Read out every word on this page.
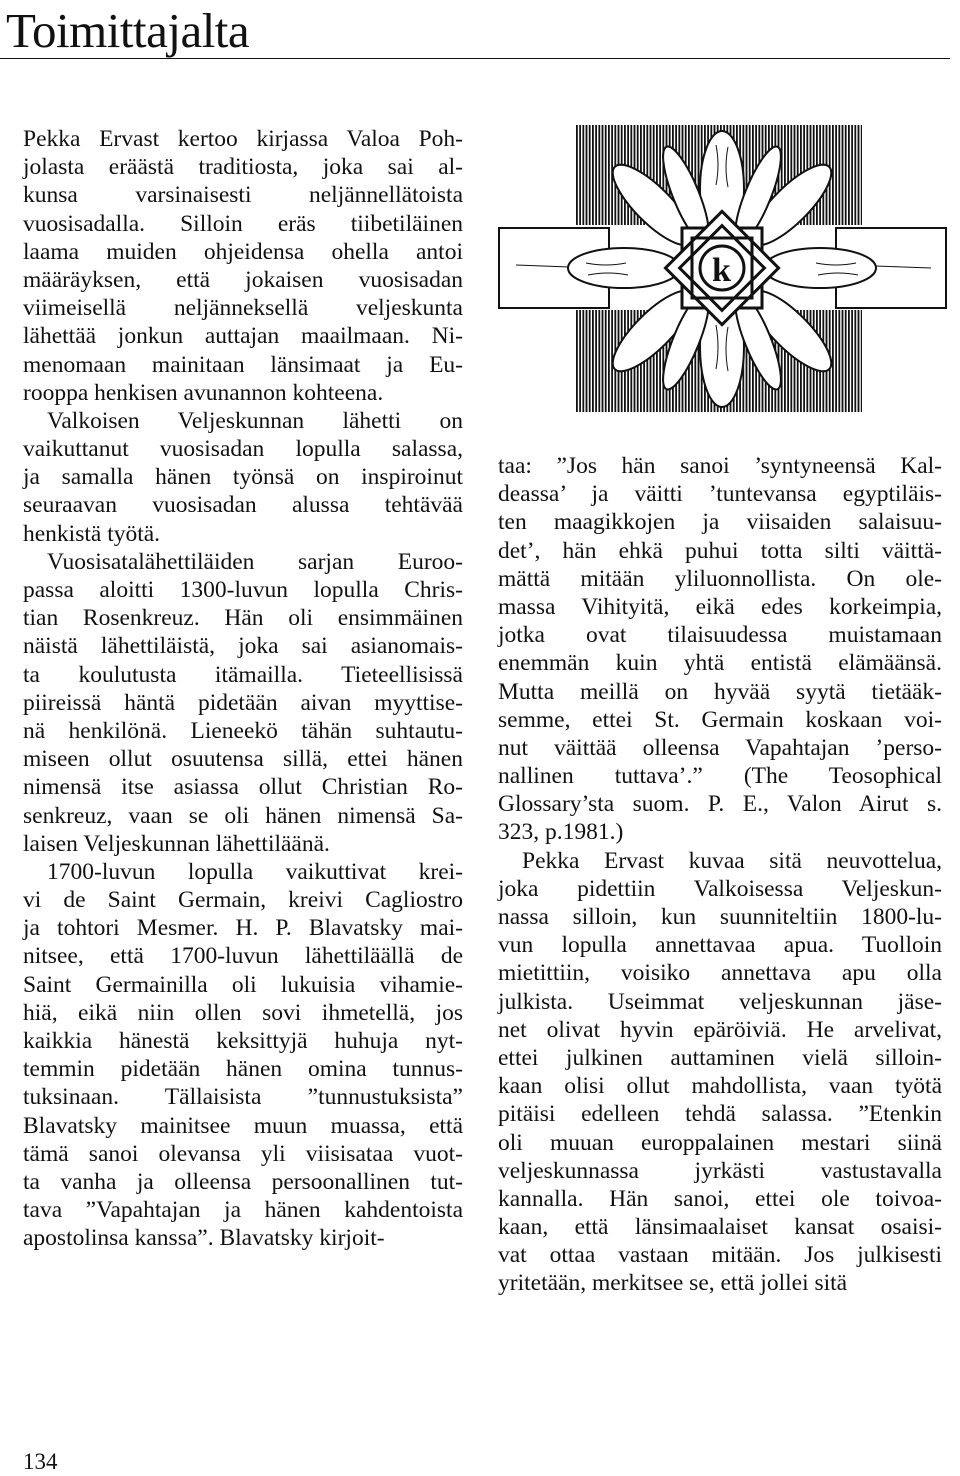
Toimittajalta
Pekka Ervast kertoo kirjassa Valoa Poh-
jolasta eräästä traditiosta, joka sai al-
kunsa varsinaisesti neljännellätoista
vuosisadalla. Silloin eräs tiibetiläinen
laama muiden ohjeidensa ohella antoi
määräyksen, että jokaisen vuosisadan
viimeisellä neljänneksellä veljeskunta
lähettää jonkun auttajan maailmaan. Ni-
menomaan mainitaan länsimaat ja Eu-
rooppa henkisen avunannon kohteena.
Valkoisen Veljeskunnan lähetti on
vaikuttanut vuosisadan lopulla salassa,
ja samalla hänen työnsä on inspiroinut
seuraavan vuosisadan alussa tehtävää
henkistä työtä.
Vuosisatalähettiläiden sarjan Euroo-
passa aloitti 1300-luvun lopulla Chris-
tian Rosenkreuz. Hän oli ensimmäinen
näistä lähettiläistä, joka sai asianomais-
ta koulutusta itämailla. Tieteellisissä
piireissä häntä pidetään aivan myyttise-
nä henkilönä. Lieneekö tähän suhtautu-
miseen ollut osuutensa sillä, ettei hänen
nimensä itse asiassa ollut Christian Ro-
senkreuz, vaan se oli hänen nimensä Sa-
laisen Veljeskunnan lähettiläänä.
1700-luvun lopulla vaikuttivat krei-
vi de Saint Germain, kreivi Cagliostro
ja tohtori Mesmer. H. P. Blavatsky mai-
nitsee, että 1700-luvun lähettiläällä de
Saint Germainilla oli lukuisia vihamie-
hiä, eikä niin ollen sovi ihmetellä, jos
kaikkia hänestä keksittyjä huhuja nyt-
temmin pidetään hänen omina tunnus-
tuksinaan. Tällaisista ”tunnustuksista”
Blavatsky mainitsee muun muassa, että
tämä sanoi olevansa yli viisisataa vuot-
ta vanha ja olleensa persoonallinen tut-
tava ”Vapahtajan ja hänen kahdentoista
apostolinsa kanssa”. Blavatsky kirjoit-
k
taa: ”Jos hän sanoi ’syntyneensä Kal-
deassa’ ja väitti ’tuntevansa egyptiläis-
ten maagikkojen ja viisaiden salaisuu-
det’, hän ehkä puhui totta silti väittä-
mättä mitään yliluonnollista. On ole-
massa Vihityitä, eikä edes korkeimpia,
jotka ovat tilaisuudessa muistamaan
enemmän kuin yhtä entistä elämäänsä.
Mutta meillä on hyvää syytä tietääk-
semme, ettei St. Germain koskaan voi-
nut väittää olleensa Vapahtajan ’perso-
nallinen tuttava’.” (The Teosophical
Glossary’sta suom. P. E., Valon Airut s.
323, p.1981.)
Pekka Ervast kuvaa sitä neuvottelua,
joka pidettiin Valkoisessa Veljeskun-
nassa silloin, kun suunniteltiin 1800-lu-
vun lopulla annettavaa apua. Tuolloin
mietittiin, voisiko annettava apu olla
julkista. Useimmat veljeskunnan jäse-
net olivat hyvin epäröiviä. He arvelivat,
ettei julkinen auttaminen vielä silloin-
kaan olisi ollut mahdollista, vaan työtä
pitäisi edelleen tehdä salassa. ”Etenkin
oli muuan europpalainen mestari siinä
veljeskunnassa jyrkästi vastustavalla
kannalla. Hän sanoi, ettei ole toivoa-
kaan, että länsimaalaiset kansat osaisi-
vat ottaa vastaan mitään. Jos julkisesti
yritetään, merkitsee se, että jollei sitä
134
